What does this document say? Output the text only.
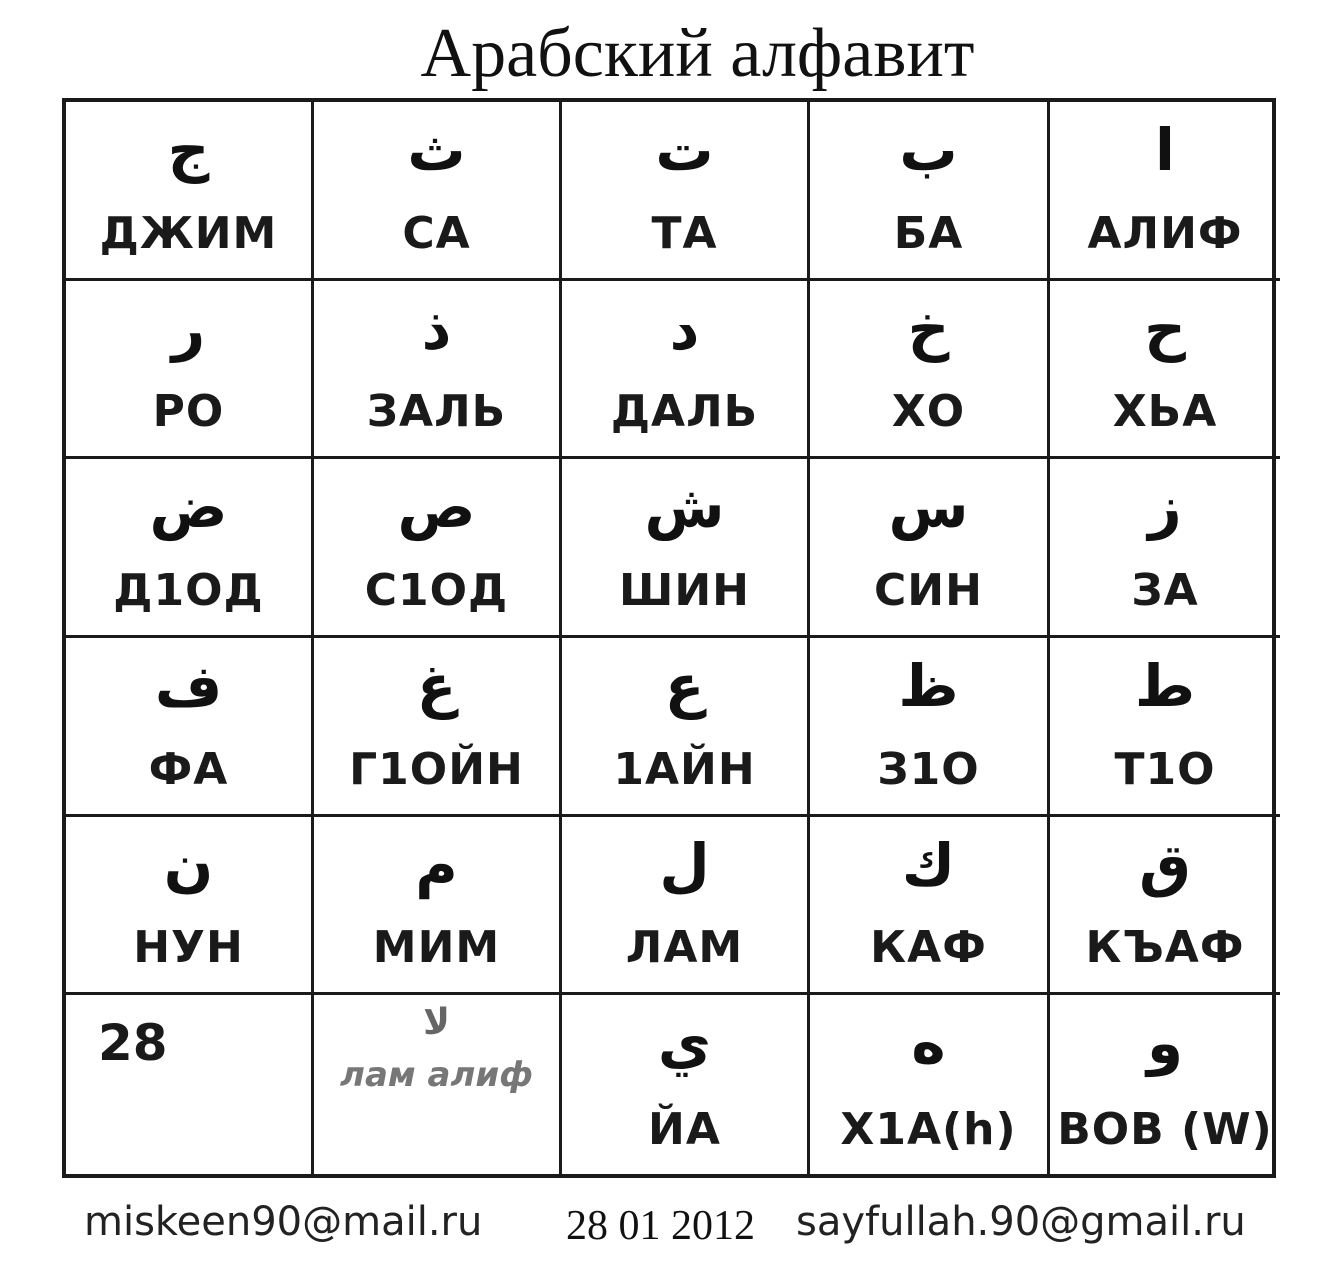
Арабский алфавит
ج
ДЖИМ
ث
СА
ت
ТА
ب
БА
ا
АЛИФ
ر
РО
ذ
ЗАЛЬ
د
ДАЛЬ
خ
ХО
ح
ХЬА
ض
Д1ОД
ص
С1ОД
ش
ШИН
س
СИН
ز
ЗА
ف
ФА
غ
Г1ОЙН
ع
1АЙН
ظ
З1О
ط
Т1О
ن
НУН
م
МИМ
ل
ЛАМ
ك
КАФ
ق
КЪАФ
28	لا
лам алиф	ي
ЙА
ه
Х1А(h)
و
ВОВ (W)
miskeen90@mail.ru 28 01 2012 sayfullah.90@gmail.ru
